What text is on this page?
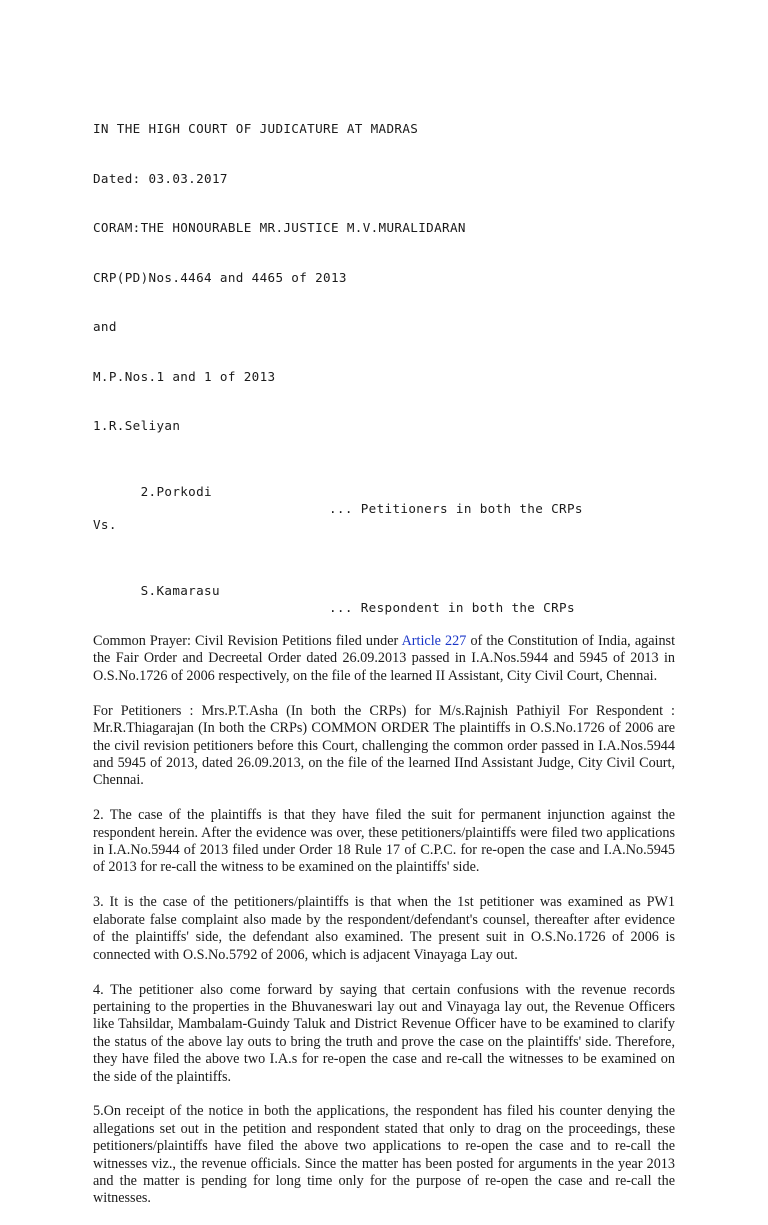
IN THE HIGH COURT OF JUDICATURE AT MADRAS

Dated: 03.03.2017

CORAM:THE HONOURABLE MR.JUSTICE M.V.MURALIDARAN

CRP(PD)Nos.4464 and 4465 of 2013

and

M.P.Nos.1 and 1 of 2013

1.R.Seliyan

2.Porkodi

... Petitioners in both the CRPs

Vs.

S.Kamarasu

... Respondent in both the CRPs

Common Prayer: Civil Revision Petitions filed under Article 227 of the Constitution of India, against the Fair Order and Decreetal Order dated 26.09.2013 passed in I.A.Nos.5944 and 5945 of 2013 in O.S.No.1726 of 2006 respectively, on the file of the learned II Assistant, City Civil Court, Chennai.

For Petitioners : Mrs.P.T.Asha (In both the CRPs) for M/s.Rajnish Pathiyil For Respondent : Mr.R.Thiagarajan (In both the CRPs) COMMON ORDER The plaintiffs in O.S.No.1726 of 2006 are the civil revision petitioners before this Court, challenging the common order passed in I.A.Nos.5944 and 5945 of 2013, dated 26.09.2013, on the file of the learned IInd Assistant Judge, City Civil Court, Chennai.

2. The case of the plaintiffs is that they have filed the suit for permanent injunction against the respondent herein. After the evidence was over, these petitioners/plaintiffs were filed two applications in I.A.No.5944 of 2013 filed under Order 18 Rule 17 of C.P.C. for re-open the case and I.A.No.5945 of 2013 for re-call the witness to be examined on the plaintiffs' side.

3. It is the case of the petitioners/plaintiffs is that when the 1st petitioner was examined as PW1 elaborate false complaint also made by the respondent/defendant's counsel, thereafter after evidence of the plaintiffs' side, the defendant also examined. The present suit in O.S.No.1726 of 2006 is connected with O.S.No.5792 of 2006, which is adjacent Vinayaga Lay out.

4. The petitioner also come forward by saying that certain confusions with the revenue records pertaining to the properties in the Bhuvaneswari lay out and Vinayaga lay out, the Revenue Officers like Tahsildar, Mambalam-Guindy Taluk and District Revenue Officer have to be examined to clarify the status of the above lay outs to bring the truth and prove the case on the plaintiffs' side. Therefore, they have filed the above two I.A.s for re-open the case and re-call the witnesses to be examined on the side of the plaintiffs.

5.On receipt of the notice in both the applications, the respondent has filed his counter denying the allegations set out in the petition and respondent stated that only to drag on the proceedings, these petitioners/plaintiffs have filed the above two applications to re-open the case and to re-call the witnesses viz., the revenue officials. Since the matter has been posted for arguments in the year 2013 and the matter is pending for long time only for the purpose of re-open the case and re-call the witnesses.
